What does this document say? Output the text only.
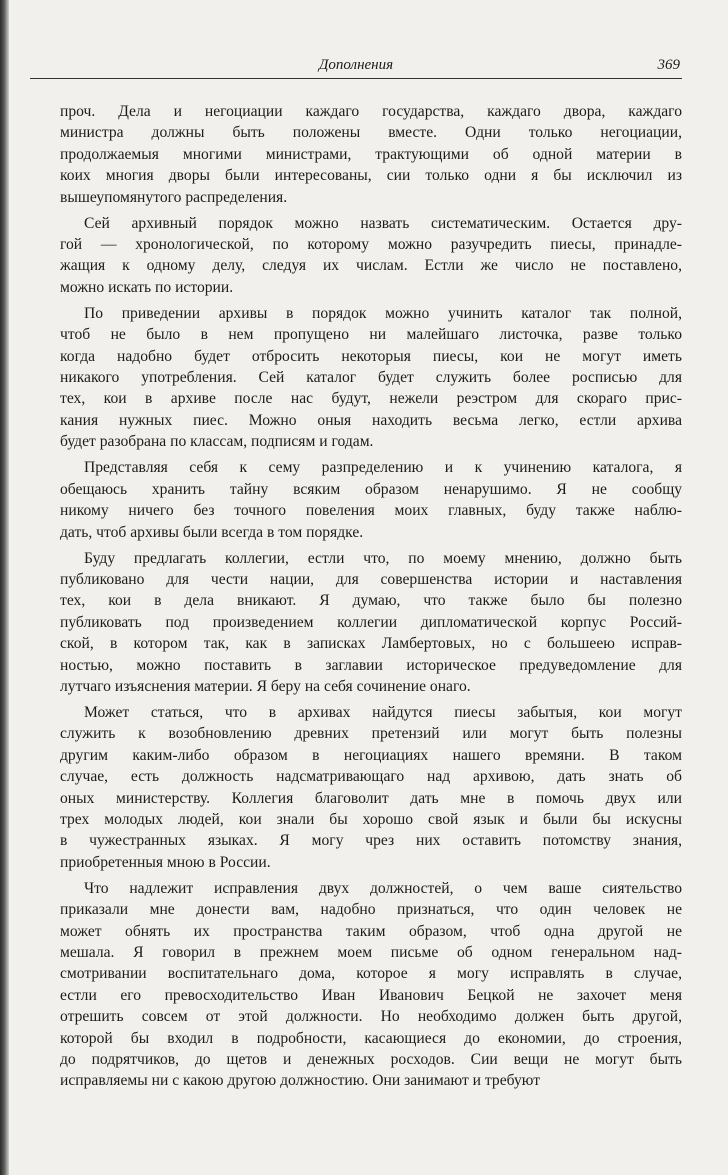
Дополнения	369
проч. Дела и негоциации каждаго государства, каждаго двора, каждаго
министра должны быть положены вместе. Одни только негоциации,
продолжаемыя многими министрами, трактующими об одной материи в
коих многия дворы были интересованы, сии только одни я бы исключил из
вышеупомянутого распределения.
Сей архивный порядок можно назвать систематическим. Остается дру-
гой — хронологической, по которому можно разучредить пиесы, принадле-
жащия к одному делу, следуя их числам. Естли же число не поставлено,
можно искать по истории.
По приведении архивы в порядок можно учинить каталог так полной,
чтоб не было в нем пропущено ни малейшаго листочка, разве только
когда надобно будет отбросить некоторыя пиесы, кои не могут иметь
никакого употребления. Сей каталог будет служить более росписью для
тех, кои в архиве после нас будут, нежели реэстром для скораго прис-
кания нужных пиес. Можно оныя находить весьма легко, естли архива
будет разобрана по классам, подписям и годам.
Представляя себя к сему разпределению и к учинению каталога, я
обещаюсь хранить тайну всяким образом ненарушимо. Я не сообщу
никому ничего без точного повеления моих главных, буду также наблю-
дать, чтоб архивы были всегда в том порядке.
Буду предлагать коллегии, естли что, по моему мнению, должно быть
публиковано для чести нации, для совершенства истории и наставления
тех, кои в дела вникают. Я думаю, что также было бы полезно
публиковать под произведением коллегии дипломатической корпус Россий-
ской, в котором так, как в записках Ламбертовых, но с большеею исправ-
ностью, можно поставить в заглавии историческое предуведомление для
лутчаго изъяснения материи. Я беру на себя сочинение онаго.
Может статься, что в архивах найдутся пиесы забытыя, кои могут
служить к возобновлению древних претензий или могут быть полезны
другим каким-либо образом в негоциациях нашего времяни. В таком
случае, есть должность надсматривающаго над архивою, дать знать об
оных министерству. Коллегия благоволит дать мне в помочь двух или
трех молодых людей, кои знали бы хорошо свой язык и были бы искусны
в чужестранных языках. Я могу чрез них оставить потомству знания,
приобретенныя мною в России.
Что надлежит исправления двух должностей, о чем ваше сиятельство
приказали мне донести вам, надобно признаться, что один человек не
может обнять их пространства таким образом, чтоб одна другой не
мешала. Я говорил в прежнем моем письме об одном генеральном над-
смотривании воспитательнаго дома, которое я могу исправлять в случае,
естли его превосходительство Иван Иванович Бецкой не захочет меня
отрешить совсем от этой должности. Но необходимо должен быть другой,
которой бы входил в подробности, касающиеся до економии, до строения,
до подрятчиков, до щетов и денежных росходов. Сии вещи не могут быть
исправляемы ни с какою другою должностию. Они занимают и требуют
